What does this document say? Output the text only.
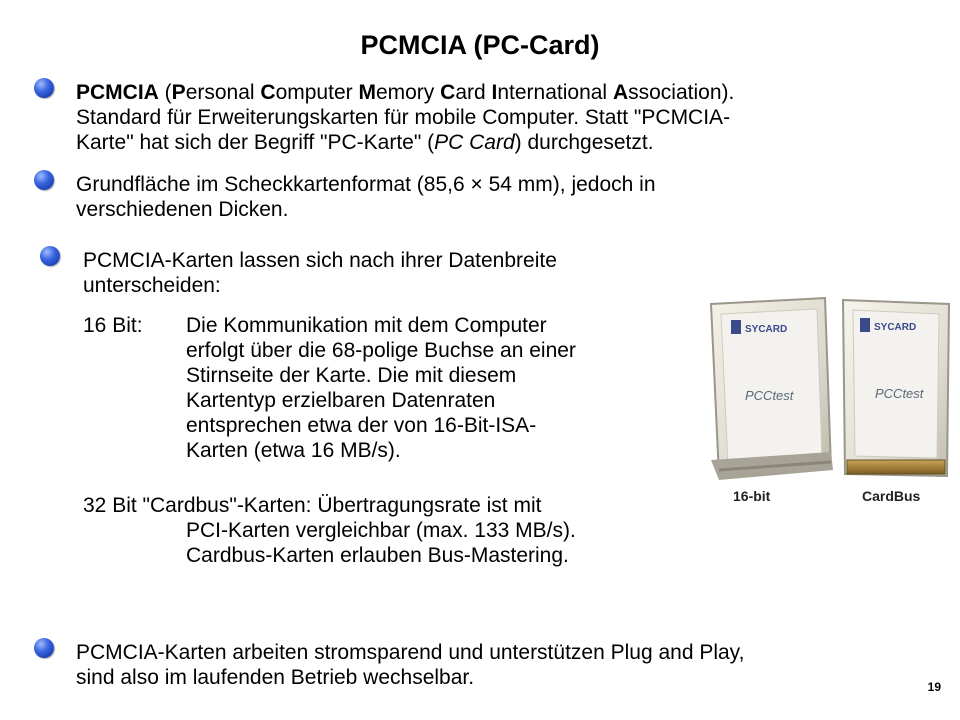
PCMCIA (PC-Card)
PCMCIA (Personal Computer Memory Card International Association).
Standard für Erweiterungskarten für mobile Computer. Statt "PCMCIA-
Karte" hat sich der Begriff "PC-Karte" (PC Card) durchgesetzt.
Grundfläche im Scheckkartenformat (85,6 × 54 mm), jedoch in
verschiedenen Dicken.
PCMCIA-Karten lassen sich nach ihrer Datenbreite
unterscheiden:
16 Bit: Die Kommunikation mit dem Computer
erfolgt über die 68-polige Buchse an einer
Stirnseite der Karte. Die mit diesem
Kartentyp erzielbaren Datenraten
entsprechen etwa der von 16-Bit-ISA-
Karten (etwa 16 MB/s).
32 Bit "Cardbus"-Karten: Übertragungsrate ist mit
PCI-Karten vergleichbar (max. 133 MB/s).
Cardbus-Karten erlauben Bus-Mastering.
SYCARD	SYCARD
PCCtest	PCCtest
16-bit	CardBus
PCMCIA-Karten arbeiten stromsparend und unterstützen Plug and Play,
sind also im laufenden Betrieb wechselbar.	19
